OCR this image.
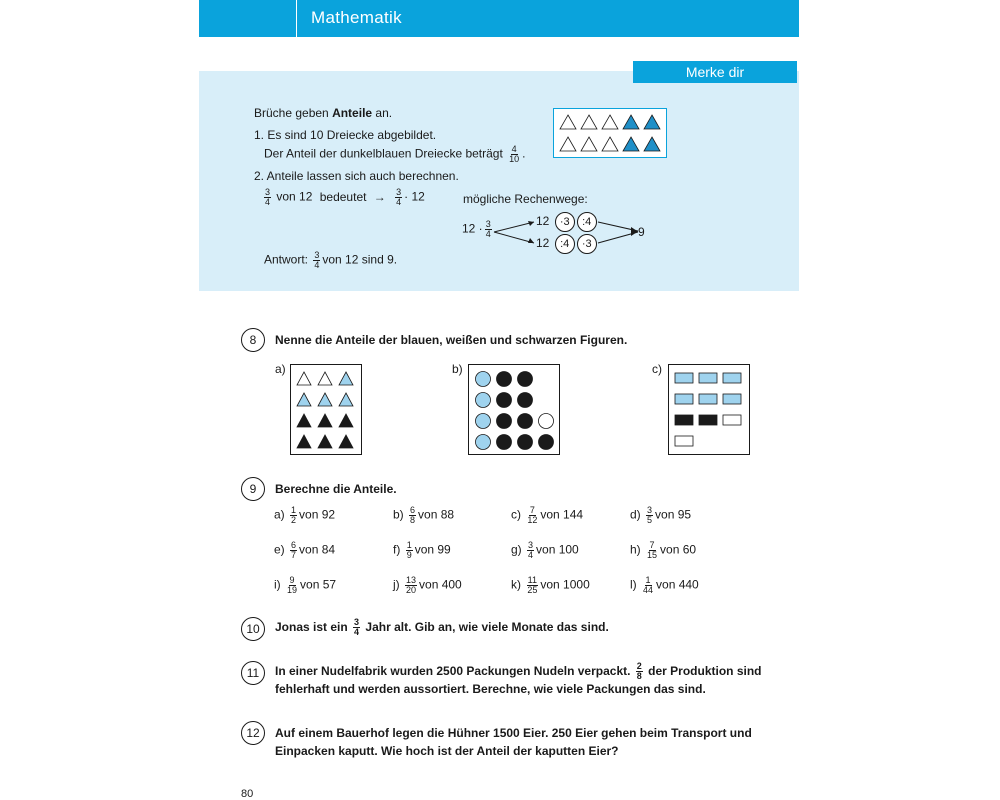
Mathematik
Merke dir
Brüche geben Anteile an.
1. Es sind 10 Dreiecke abgebildet.
Der Anteil der dunkelblauen Dreiecke beträgt $\frac{4}{10}$ .
2. Anteile lassen sich auch berechnen.
$\frac{3}{4}$ von 12 bedeutet → $\frac{3}{4} \cdot 12$	mögliche Rechenwege:
$12 \cdot \frac{3}{4}$	12 ·3 :4
12 :4 ·3
9
Antwort: $\frac{3}{4}$ von 12 sind 9.
8	Nenne die Anteile der blauen, weißen und schwarzen Figuren.
a)	b)	c)
9	Berechne die Anteile.
$a) \frac{1}{2}$ von 92	$b) \frac{6}{8}$ von 88	$c) \frac{7}{12}$ von 144	$d) \frac{3}{5}$ von 95
$e) \frac{6}{7}$ von 84	$f) \frac{1}{9}$ von 99	$g) \frac{3}{4}$ von 100	$h) \frac{7}{15}$ von 60
$i) \frac{9}{19}$ von 57	$j) \frac{13}{20}$ von 400	$k) \frac{11}{25}$ von 1000	$l) \frac{1}{44}$ von 440
10	Jonas ist ein $\frac{3}{4}$ Jahr alt. Gib an, wie viele Monate das sind.
11	In einer Nudelfabrik wurden 2500 Packungen Nudeln verpackt. $\frac{2}{8}$ der Produktion sind
fehlerhaft und werden aussortiert. Berechne, wie viele Packungen das sind.
12	Auf einem Bauerhof legen die Hühner 1500 Eier. 250 Eier gehen beim Transport und
Einpacken kaputt. Wie hoch ist der Anteil der kaputten Eier?
80
